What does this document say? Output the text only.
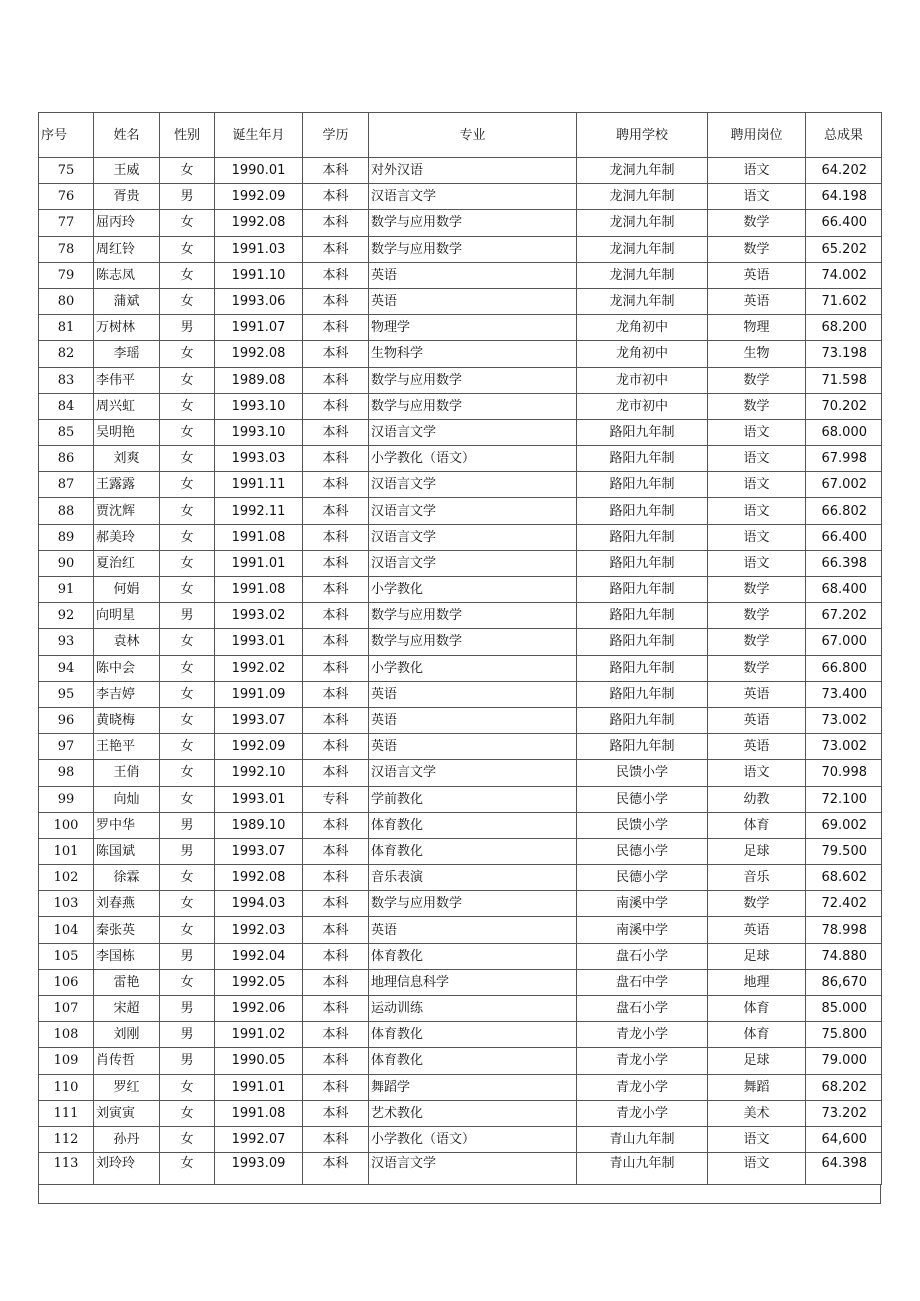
序号	姓名	性别	诞生年月	学历	专业	聘用学校	聘用岗位	总成果
75	王威	女	1990.01	本科	对外汉语	龙洞九年制	语文	64.202
76	胥贵	男	1992.09	本科	汉语言文学	龙洞九年制	语文	64.198
77	屈丙玲	女	1992.08	本科	数学与应用数学	龙洞九年制	数学	66.400
78	周红铃	女	1991.03	本科	数学与应用数学	龙洞九年制	数学	65.202
79	陈志凤	女	1991.10	本科	英语	龙洞九年制	英语	74.002
80	蒲斌	女	1993.06	本科	英语	龙洞九年制	英语	71.602
81	万树林	男	1991.07	本科	物理学	龙角初中	物理	68.200
82	李瑶	女	1992.08	本科	生物科学	龙角初中	生物	73.198
83	李伟平	女	1989.08	本科	数学与应用数学	龙市初中	数学	71.598
84	周兴虹	女	1993.10	本科	数学与应用数学	龙市初中	数学	70.202
85	吴明艳	女	1993.10	本科	汉语言文学	路阳九年制	语文	68.000
86	刘爽	女	1993.03	本科	小学教化（语文）	路阳九年制	语文	67.998
87	王露露	女	1991.11	本科	汉语言文学	路阳九年制	语文	67.002
88	贾沈辉	女	1992.11	本科	汉语言文学	路阳九年制	语文	66.802
89	郝美玲	女	1991.08	本科	汉语言文学	路阳九年制	语文	66.400
90	夏治红	女	1991.01	本科	汉语言文学	路阳九年制	语文	66.398
91	何娟	女	1991.08	本科	小学教化	路阳九年制	数学	68.400
92	向明星	男	1993.02	本科	数学与应用数学	路阳九年制	数学	67.202
93	袁林	女	1993.01	本科	数学与应用数学	路阳九年制	数学	67.000
94	陈中会	女	1992.02	本科	小学教化	路阳九年制	数学	66.800
95	李吉婷	女	1991.09	本科	英语	路阳九年制	英语	73.400
96	黄晓梅	女	1993.07	本科	英语	路阳九年制	英语	73.002
97	王艳平	女	1992.09	本科	英语	路阳九年制	英语	73.002
98	王俏	女	1992.10	本科	汉语言文学	民馈小学	语文	70.998
99	向灿	女	1993.01	专科	学前教化	民德小学	幼教	72.100
100	罗中华	男	1989.10	本科	体育教化	民馈小学	体育	69.002
101	陈国斌	男	1993.07	本科	体育教化	民德小学	足球	79.500
102	徐霖	女	1992.08	本科	音乐表演	民德小学	音乐	68.602
103	刘春燕	女	1994.03	本科	数学与应用数学	南溪中学	数学	72.402
104	秦张英	女	1992.03	本科	英语	南溪中学	英语	78.998
105	李国栋	男	1992.04	本科	体育教化	盘石小学	足球	74.880
106	雷艳	女	1992.05	本科	地理信息科学	盘石中学	地理	86,670
107	宋超	男	1992.06	本科	运动训练	盘石小学	体育	85.000
108	刘刚	男	1991.02	本科	体育教化	青龙小学	体育	75.800
109	肖传哲	男	1990.05	本科	体育教化	青龙小学	足球	79.000
110	罗红	女	1991.01	本科	舞蹈学	青龙小学	舞蹈	68.202
111	刘寅寅	女	1991.08	本科	艺术教化	青龙小学	美术	73.202
112	孙丹	女	1992.07	本科	小学教化（语文）	青山九年制	语文	64,600
113	刘玲玲	女	1993.09	本科	汉语言文学	青山九年制	语文	64.398
